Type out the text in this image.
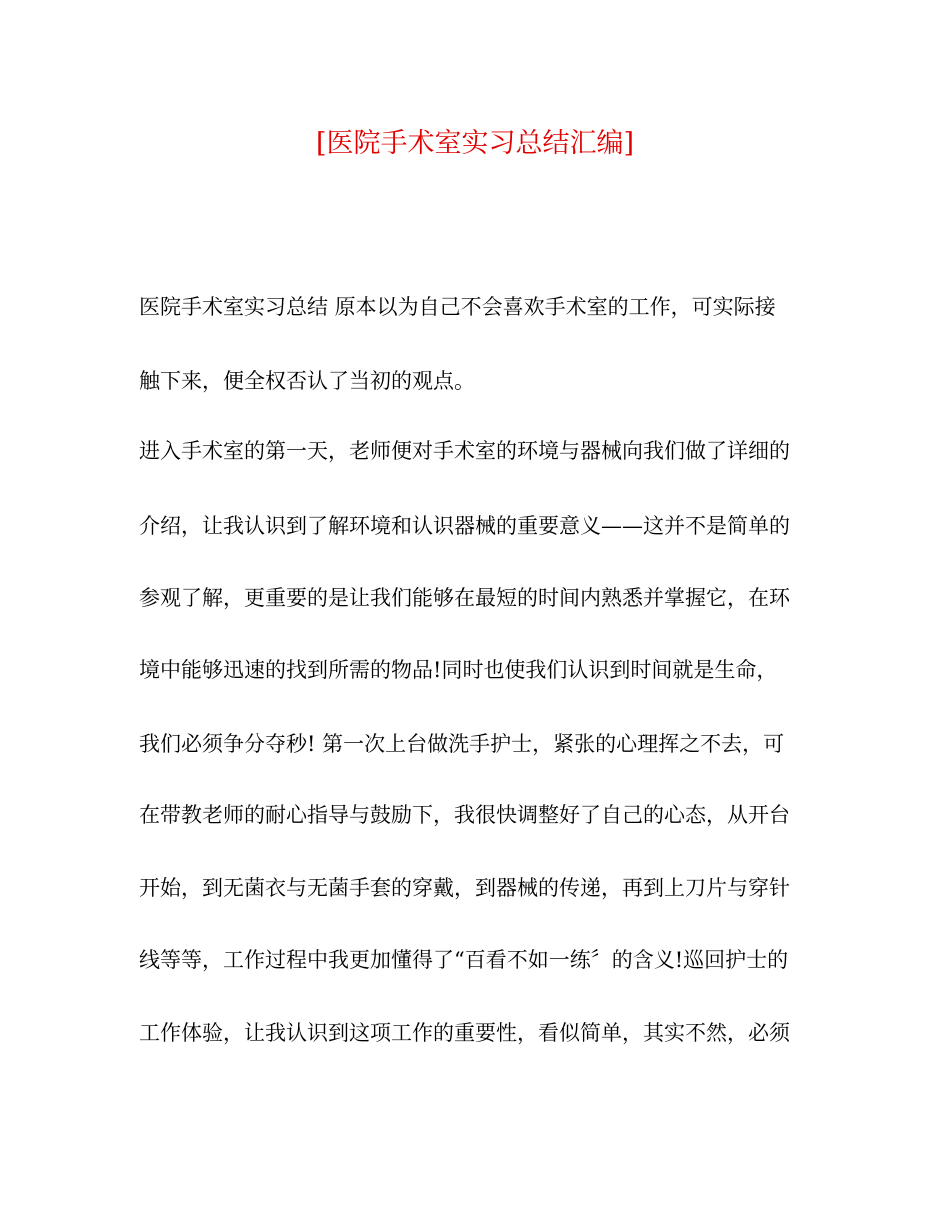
[医院手术室实习总结汇编]
医院手术室实习总结 原本以为自己不会喜欢手术室的工作，可实际接
触下来，便全权否认了当初的观点。
进入手术室的第一天，老师便对手术室的环境与器械向我们做了详细的
介绍，让我认识到了解环境和认识器械的重要意义——这并不是简单的
参观了解，更重要的是让我们能够在最短的时间内熟悉并掌握它，在环
境中能够迅速的找到所需的物品!同时也使我们认识到时间就是生命，
我们必须争分夺秒! 第一次上台做洗手护士，紧张的心理挥之不去，可
在带教老师的耐心指导与鼓励下，我很快调整好了自己的心态，从开台
开始，到无菌衣与无菌手套的穿戴，到器械的传递，再到上刀片与穿针
线等等，工作过程中我更加懂得了“百看不如一练〞的含义!巡回护士的
工作体验，让我认识到这项工作的重要性，看似简单，其实不然，必须
